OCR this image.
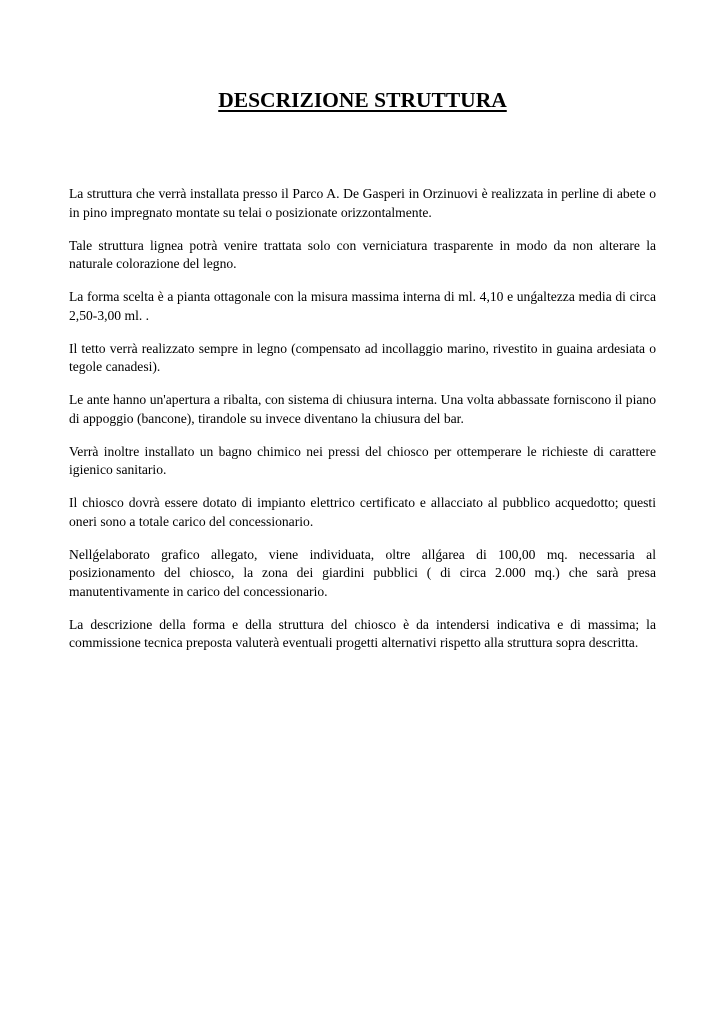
DESCRIZIONE STRUTTURA

La struttura che verrà installata presso il Parco A. De Gasperi in Orzinuovi è realizzata in perline di abete o in pino impregnato montate su telai o posizionate orizzontalmente.

Tale struttura lignea potrà venire trattata solo con verniciatura trasparente in modo da non alterare la naturale colorazione del legno.

La forma scelta è a pianta ottagonale con la misura massima interna di ml. 4,10 e unǵaltezza media di circa 2,50-3,00 ml. .

Il tetto verrà realizzato sempre in legno (compensato ad incollaggio marino, rivestito in guaina ardesiata o tegole canadesi).

Le ante hanno un'apertura a ribalta, con sistema di chiusura interna. Una volta abbassate forniscono il piano di appoggio (bancone), tirandole su invece diventano la chiusura del bar.

Verrà inoltre installato un bagno chimico nei pressi del chiosco per ottemperare le richieste di carattere igienico sanitario.

Il chiosco dovrà essere dotato di impianto elettrico certificato e allacciato al pubblico acquedotto; questi oneri sono a totale carico del concessionario.

Nellǵelaborato grafico allegato, viene individuata, oltre allǵarea di 100,00 mq. necessaria al posizionamento del chiosco, la zona dei giardini pubblici ( di circa 2.000 mq.) che sarà presa manutentivamente in carico del concessionario.

La descrizione della forma e della struttura del chiosco è da intendersi indicativa e di massima; la commissione tecnica preposta valuterà eventuali progetti alternativi rispetto alla struttura sopra descritta.
